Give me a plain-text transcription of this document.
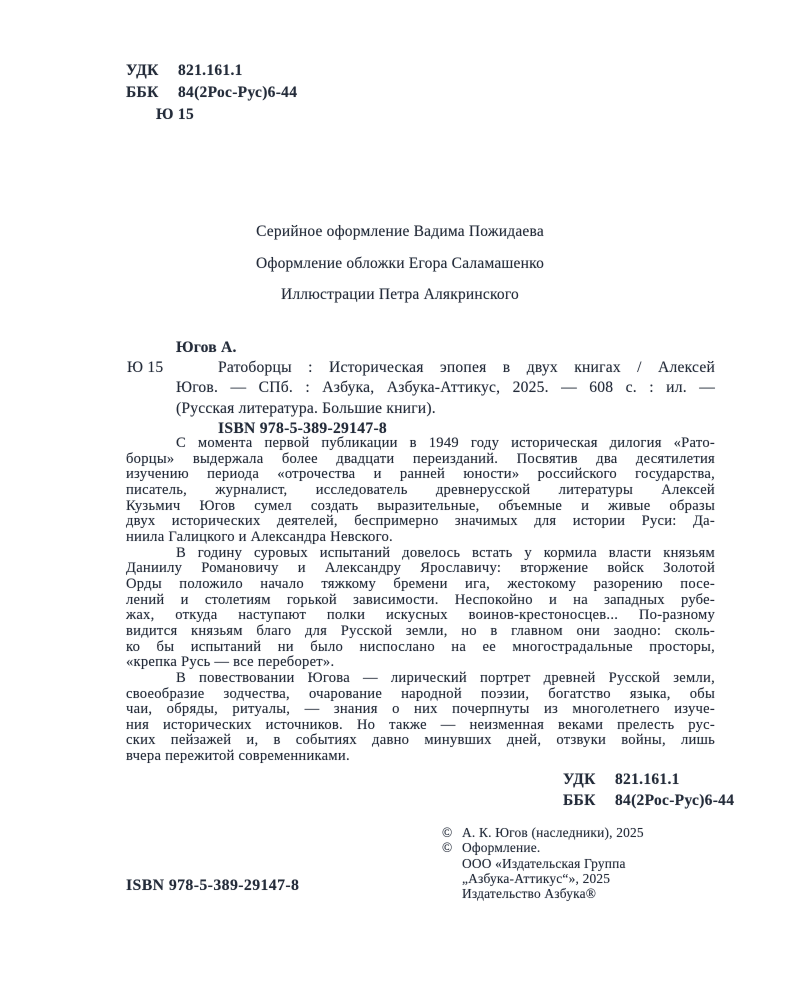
УДК 821.161.1
ББК 84(2Рос-Рус)6-44
Ю 15
Серийное оформление Вадима Пожидаева
Оформление обложки Егора Саламашенко
Иллюстрации Петра Алякринского
Югов А.
Ю 15	Ратоборцы : Историческая эпопея в двух книгах / Алексей
Югов. — СПб. : Азбука, Азбука-Аттикус, 2025. — 608 с. : ил. —
(Русская литература. Большие книги).
ISBN 978-5-389-29147-8
С момента первой публикации в 1949 году историческая дилогия «Рато-
борцы» выдержала более двадцати переизданий. Посвятив два десятилетия
изучению периода «отрочества и ранней юности» российского государства,
писатель, журналист, исследователь древнерусской литературы Алексей
Кузьмич Югов сумел создать выразительные, объемные и живые образы
двух исторических деятелей, беспримерно значимых для истории Руси: Да-
ниила Галицкого и Александра Невского.
В годину суровых испытаний довелось встать у кормила власти князьям
Даниилу Романовичу и Александру Ярославичу: вторжение войск Золотой
Орды положило начало тяжкому бремени ига, жестокому разорению посе-
лений и столетиям горькой зависимости. Неспокойно и на западных рубе-
жах, откуда наступают полки искусных воинов-крестоносцев... По-разному
видится князьям благо для Русской земли, но в главном они заодно: сколь-
ко бы испытаний ни было ниспослано на ее многострадальные просторы,
«крепка Русь — все переборет».
В повествовании Югова — лирический портрет древней Русской земли,
своеобразие зодчества, очарование народной поэзии, богатство языка, обы
чаи, обряды, ритуалы, — знания о них почерпнуты из многолетнего изуче-
ния исторических источников. Но также — неизменная веками прелесть рус-
ских пейзажей и, в событиях давно минувших дней, отзвуки войны, лишь
вчера пережитой современниками.
УДК 821.161.1
ББК 84(2Рос-Рус)6-44
© А. К. Югов (наследники), 2025
© Оформление.
ООО «Издательская Группа
„Азбука-Аттикус“», 2025
Издательство Азбука®
ISBN 978-5-389-29147-8
